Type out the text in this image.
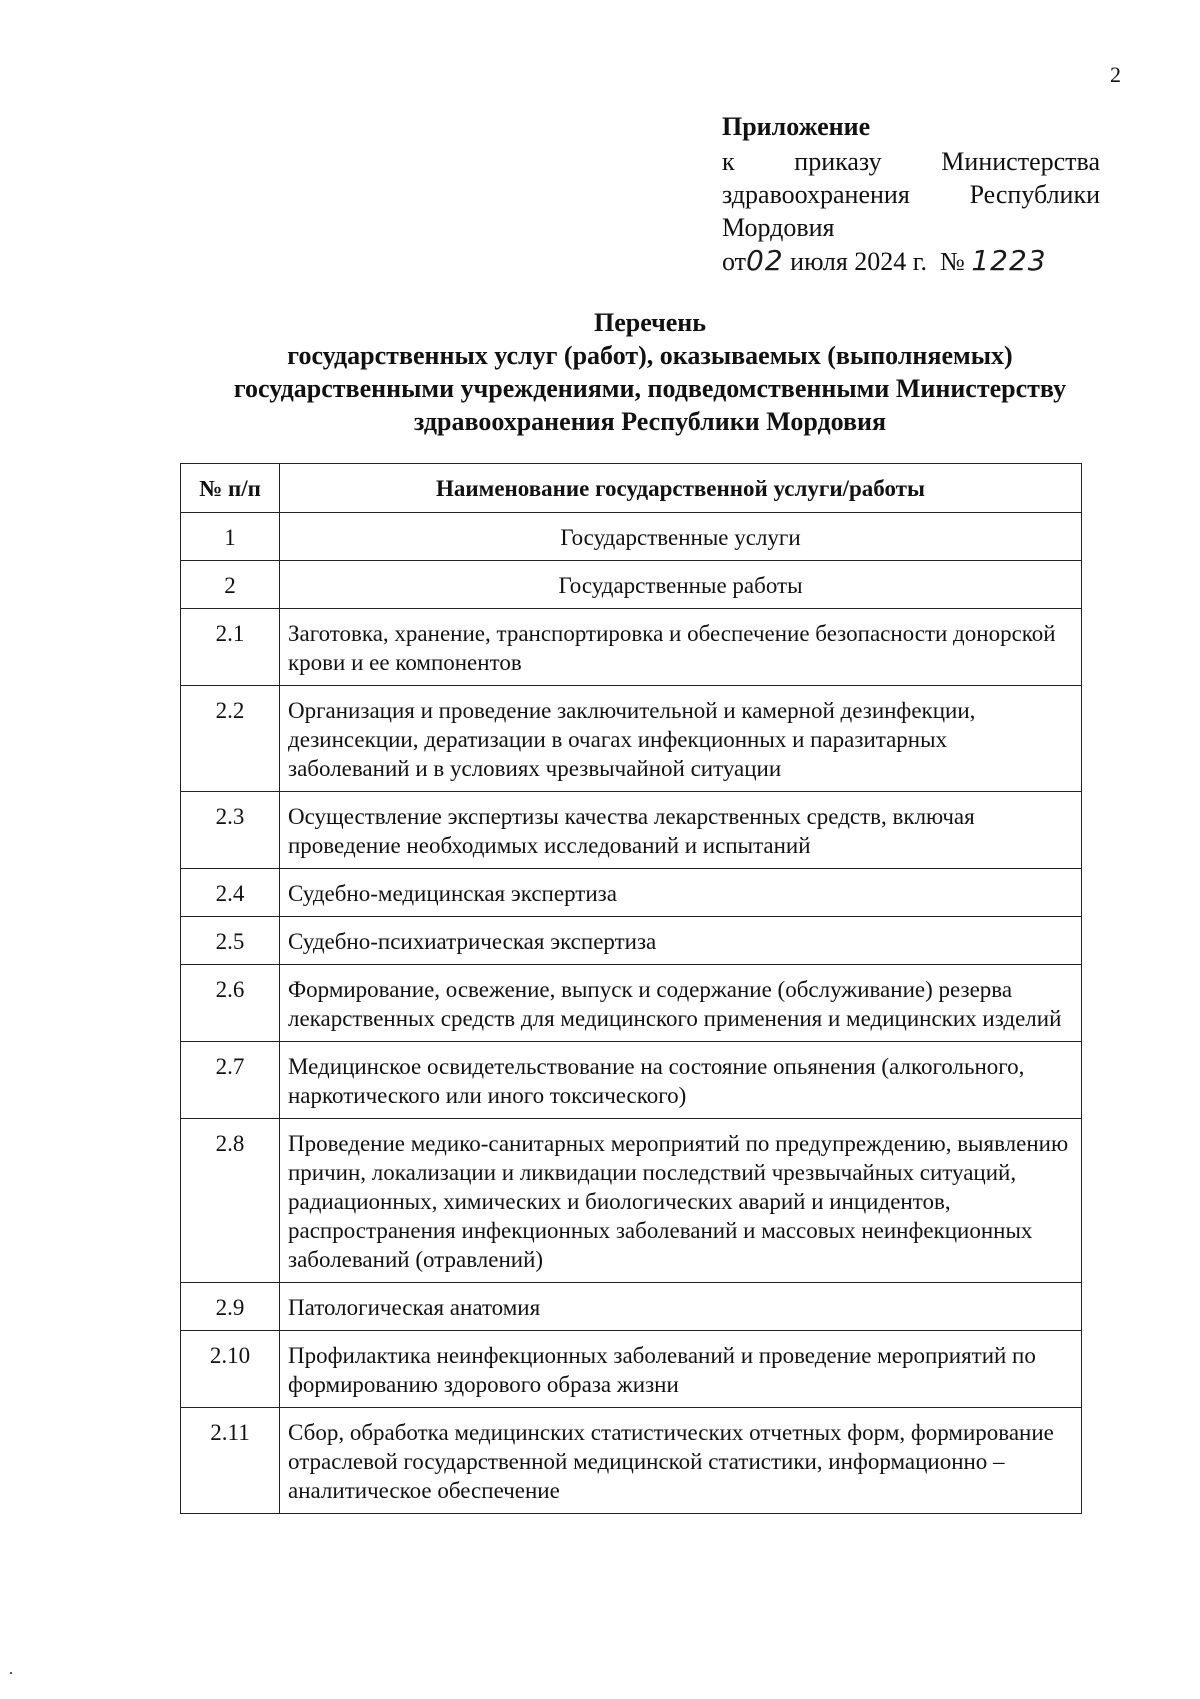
2
Приложение
к приказу Министерства
здравоохранения Республики
Мордовия
от02 июля 2024 г. № 1223
Перечень
государственных услуг (работ), оказываемых (выполняемых)
государственными учреждениями, подведомственными Министерству
здравоохранения Республики Мордовия
№ п/п	Наименование государственной услуги/работы
1	Государственные услуги
2	Государственные работы
2.1	Заготовка, хранение, транспортировка и обеспечение безопасности донорской крови и ее компонентов
2.2	Организация и проведение заключительной и камерной дезинфекции, дезинсекции, дератизации в очагах инфекционных и паразитарных заболеваний и в условиях чрезвычайной ситуации
2.3	Осуществление экспертизы качества лекарственных средств, включая проведение необходимых исследований и испытаний
2.4	Судебно-медицинская экспертиза
2.5	Судебно-психиатрическая экспертиза
2.6	Формирование, освежение, выпуск и содержание (обслуживание) резерва лекарственных средств для медицинского применения и медицинских изделий
2.7	Медицинское освидетельствование на состояние опьянения (алкогольного, наркотического или иного токсического)
2.8	Проведение медико-санитарных мероприятий по предупреждению, выявлению причин, локализации и ликвидации последствий чрезвычайных ситуаций, радиационных, химических и биологических аварий и инцидентов, распространения инфекционных заболеваний и массовых неинфекционных заболеваний (отравлений)
2.9	Патологическая анатомия
2.10	Профилактика неинфекционных заболеваний и проведение мероприятий по формированию здорового образа жизни
2.11	Сбор, обработка медицинских статистических отчетных форм, формирование отраслевой государственной медицинской статистики, информационно – аналитическое обеспечение
